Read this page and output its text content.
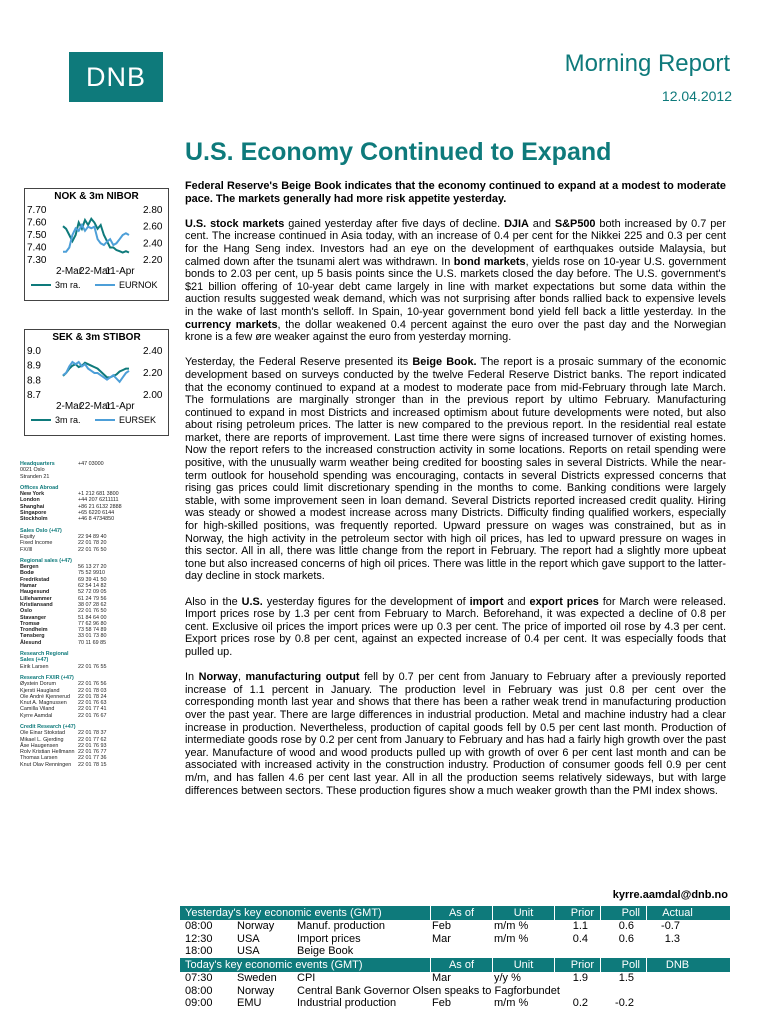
DNB	Morning Report
12.04.2012
U.S. Economy Continued to Expand
NOK & 3m NIBOR
7.70
7.60
7.50
7.40
7.30
2.80
2.60
2.40
2.20
2-Mar
22-Mar
11-Apr
3m ra.	EURNOK
SEK & 3m STIBOR
9.0
8.9
8.8
8.7
2.40
2.20
2.00
2-Mar
22-Mar
11-Apr
3m ra.	EURSEK
Headquarters	+47 03000
0021 Oslo
Stranden 21
Offices Abroad
New York	+1 212 681 3800
London	+44 207 6211111
Shanghai	+86 21 6132 2888
Singapore	+65 6220 6144
Stockholm	+46 8 4734850
Sales Oslo (+47)
Equity	22 94 89 40
Fixed Income	22 01 78 20
FX/Ill	22 01 76 50
Regional sales (+47)
Bergen	56 13 27 20
Bodø	75 52 9910
Fredrikstad	69 39 41 50
Hamar	62 54 14 82
Haugesund	52 72 09 05
Lillehammer	61 24 79 56
Kristiansand	38 07 28 62
Oslo	22 01 76 50
Stavanger	51 84 64 00
Tromsø	77 62 96 80
Trondheim	73 58 74 89
Tønsberg	33 01 73 80
Ålesund	70 11 69 85
Research Regional Sales (+47)
Eirik Larsen	22 01 76 55
Research FX/IR (+47)
Øystein Dorum	22 01 76 56
Kjersti Haugland	22 01 78 03
Ole André Kjennerud	22 01 78 24
Knut A. Magnussen	22 01 76 63
Camilla Viland	22 01 77 41
Kyrre Aamdal	22 01 76 67
Credit Research (+47)
Ole Einar Stokstad	22 01 78 37
Mikael L. Gjerding	22 01 77 62
Åse Haugensen	22 01 76 93
Rolv Kristian Hellmann 22 01 76 77
Thomas Larsen	22 01 77 36
Knut Olav Renningen	22 01 78 15

Federal Reserve's Beige Book indicates that the economy continued to expand at a modest to moderate pace. The markets generally had more risk appetite yesterday.

U.S. stock markets gained yesterday after five days of decline. DJIA and S&P500 both increased by 0.7 per cent. The increase continued in Asia today, with an increase of 0.4 per cent for the Nikkei 225 and 0.3 per cent for the Hang Seng index. Investors had an eye on the development of earthquakes outside Malaysia, but calmed down after the tsunami alert was withdrawn. In bond markets, yields rose on 10-year U.S. government bonds to 2.03 per cent, up 5 basis points since the U.S. markets closed the day before. The U.S. government's $21 billion offering of 10-year debt came largely in line with market expectations but some data within the auction results suggested weak demand, which was not surprising after bonds rallied back to expensive levels in the wake of last month's selloff. In Spain, 10-year government bond yield fell back a little yesterday. In the currency markets, the dollar weakened 0.4 percent against the euro over the past day and the Norwegian krone is a few øre weaker against the euro from yesterday morning.

Yesterday, the Federal Reserve presented its Beige Book. The report is a prosaic summary of the economic development based on surveys conducted by the twelve Federal Reserve District banks. The report indicated that the economy continued to expand at a modest to moderate pace from mid-February through late March. The formulations are marginally stronger than in the previous report by ultimo February. Manufacturing continued to expand in most Districts and increased optimism about future developments were noted, but also about rising petroleum prices. The latter is new compared to the previous report. In the residential real estate market, there are reports of improvement. Last time there were signs of increased turnover of existing homes. Now the report refers to the increased construction activity in some locations. Reports on retail spending were positive, with the unusually warm weather being credited for boosting sales in several Districts. While the near-term outlook for household spending was encouraging, contacts in several Districts expressed concerns that rising gas prices could limit discretionary spending in the months to come. Banking conditions were largely stable, with some improvement seen in loan demand. Several Districts reported increased credit quality. Hiring was steady or showed a modest increase across many Districts. Difficulty finding qualified workers, especially for high-skilled positions, was frequently reported. Upward pressure on wages was constrained, but as in Norway, the high activity in the petroleum sector with high oil prices, has led to upward pressure on wages in this sector. All in all, there was little change from the report in February. The report had a slightly more upbeat tone but also increased concerns of high oil prices. There was little in the report which gave support to the latter-day decline in stock markets.

Also in the U.S. yesterday figures for the development of import and export prices for March were released. Import prices rose by 1.3 per cent from February to March. Beforehand, it was expected a decline of 0.8 per cent. Exclusive oil prices the import prices were up 0.3 per cent. The price of imported oil rose by 4.3 per cent. Export prices rose by 0.8 per cent, against an expected increase of 0.4 per cent. It was especially foods that pulled up.

In Norway, manufacturing output fell by 0.7 per cent from January to February after a previously reported increase of 1.1 percent in January. The production level in February was just 0.8 per cent over the corresponding month last year and shows that there has been a rather weak trend in manufacturing production over the past year. There are large differences in industrial production. Metal and machine industry had a clear increase in production. Nevertheless, production of capital goods fell by 0.5 per cent last month. Production of intermediate goods rose by 0.2 per cent from January to February and has had a fairly high growth over the past year. Manufacture of wood and wood products pulled up with growth of over 6 per cent last month and can be associated with increased activity in the construction industry. Production of consumer goods fell 0.9 per cent m/m, and has fallen 4.6 per cent last year. All in all the production seems relatively sideways, but with large differences between sectors. These production figures show a much weaker growth than the PMI index shows.

kyrre.aamdal@dnb.no
Yesterday's key economic events (GMT)	As of	Unit	Prior	Poll	Actual
08:00	Norway	Manuf. production	Feb	m/m %	1.1	0.6	-0.7
12:30	USA	Import prices	Mar	m/m %	0.4	0.6	1.3
18:00	USA	Beige Book
Today's key economic events (GMT)	As of	Unit	Prior	Poll	DNB
07:30	Sweden	CPI	Mar	y/y %	1.9	1.5
08:00	Norway	Central Bank Governor Olsen speaks to Fagforbundet
09:00	EMU	Industrial production	Feb	m/m %	0.2	-0.2
